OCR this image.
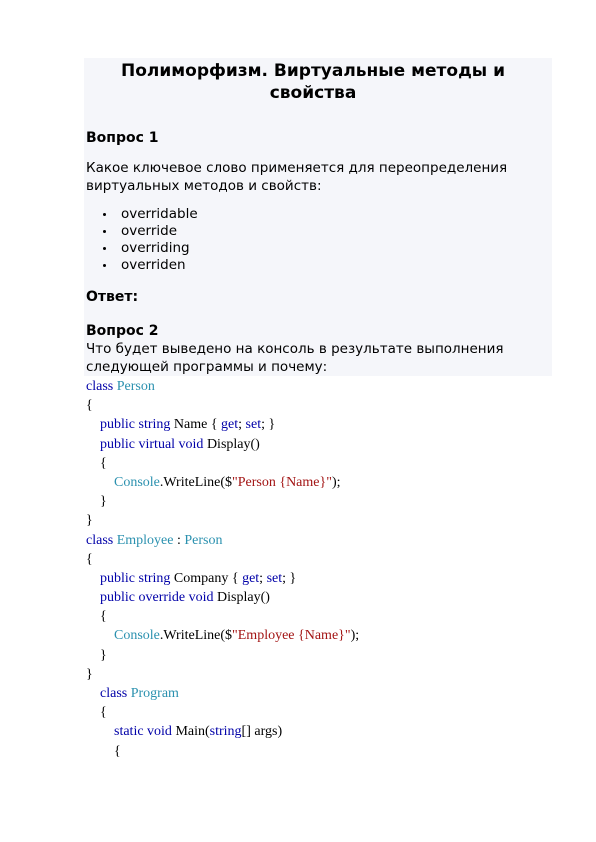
Полиморфизм. Виртуальные методы и свойства
Вопрос 1
Какое ключевое слово применяется для переопределения виртуальных методов и свойств:
overridable
override
overriding
overriden
Ответ:
Вопрос 2
Что будет выведено на консоль в результате выполнения следующей программы и почему:
class Person
{
public string Name { get; set; }
public virtual void Display()
{
Console.WriteLine($"Person {Name}");
}
}
class Employee : Person
{
public string Company { get; set; }
public override void Display()
{
Console.WriteLine($"Employee {Name}");
}
}
class Program
{
static void Main(string[] args)
{
